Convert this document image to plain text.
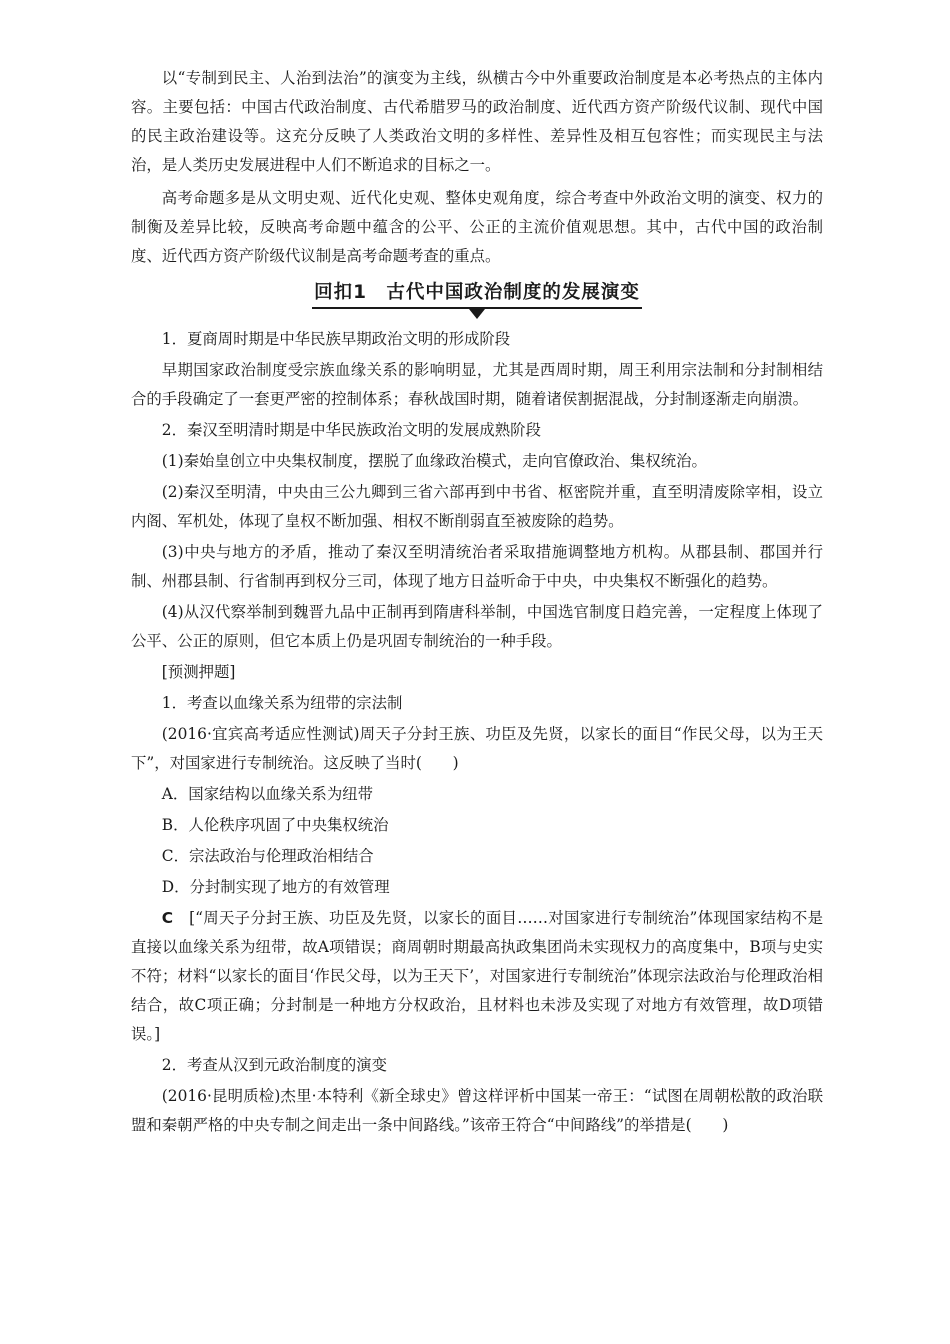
以“专制到民主、人治到法治”的演变为主线，纵横古今中外重要政治制度是本必考热点的主体内容。主要包括：中国古代政治制度、古代希腊罗马的政治制度、近代西方资产阶级代议制、现代中国的民主政治建设等。这充分反映了人类政治文明的多样性、差异性及相互包容性；而实现民主与法治，是人类历史发展进程中人们不断追求的目标之一。

高考命题多是从文明史观、近代化史观、整体史观角度，综合考查中外政治文明的演变、权力的制衡及差异比较，反映高考命题中蕴含的公平、公正的主流价值观思想。其中，古代中国的政治制度、近代西方资产阶级代议制是高考命题考查的重点。

回扣1　古代中国政治制度的发展演变

1．夏商周时期是中华民族早期政治文明的形成阶段

早期国家政治制度受宗族血缘关系的影响明显，尤其是西周时期，周王利用宗法制和分封制相结合的手段确定了一套更严密的控制体系；春秋战国时期，随着诸侯割据混战，分封制逐渐走向崩溃。

2．秦汉至明清时期是中华民族政治文明的发展成熟阶段

(1)秦始皇创立中央集权制度，摆脱了血缘政治模式，走向官僚政治、集权统治。

(2)秦汉至明清，中央由三公九卿到三省六部再到中书省、枢密院并重，直至明清废除宰相，设立内阁、军机处，体现了皇权不断加强、相权不断削弱直至被废除的趋势。

(3)中央与地方的矛盾，推动了秦汉至明清统治者采取措施调整地方机构。从郡县制、郡国并行制、州郡县制、行省制再到权分三司，体现了地方日益听命于中央，中央集权不断强化的趋势。

(4)从汉代察举制到魏晋九品中正制再到隋唐科举制，中国选官制度日趋完善，一定程度上体现了公平、公正的原则，但它本质上仍是巩固专制统治的一种手段。

[预测押题]

1．考查以血缘关系为纽带的宗法制

(2016·宜宾高考适应性测试)周天子分封王族、功臣及先贤，以家长的面目“作民父母，以为王天下”，对国家进行专制统治。这反映了当时(　　)

A．国家结构以血缘关系为纽带

B．人伦秩序巩固了中央集权统治

C．宗法政治与伦理政治相结合

D．分封制实现了地方的有效管理

C　 [“周天子分封王族、功臣及先贤，以家长的面目……对国家进行专制统治”体现国家结构不是直接以血缘关系为纽带，故A项错误；商周朝时期最高执政集团尚未实现权力的高度集中，B项与史实不符；材料“以家长的面目‘作民父母，以为王天下’，对国家进行专制统治”体现宗法政治与伦理政治相结合，故C项正确；分封制是一种地方分权政治，且材料也未涉及实现了对地方有效管理，故D项错误。]

2．考查从汉到元政治制度的演变

(2016·昆明质检)杰里·本特利《新全球史》曾这样评析中国某一帝王：“试图在周朝松散的政治联盟和秦朝严格的中央专制之间走出一条中间路线。”该帝王符合“中间路线”的举措是(　　)
